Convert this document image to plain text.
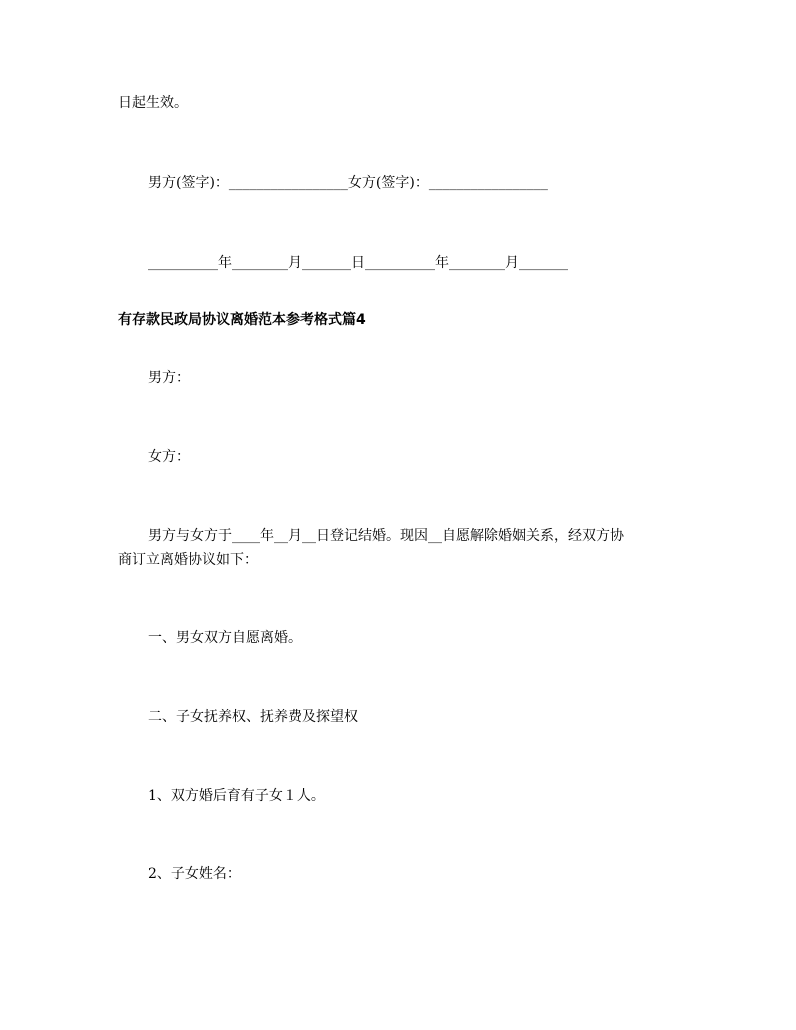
日起生效。
男方(签字)：_________________女方(签字)：_________________
__________年________月_______日__________年________月_______
有存款民政局协议离婚范本参考格式篇4
男方：
女方：
男方与女方于____年__月__日登记结婚。现因__自愿解除婚姻关系，经双方协
商订立离婚协议如下：
一、男女双方自愿离婚。
二、子女抚养权、抚养费及探望权
1、双方婚后育有子女１人。
2、子女姓名：
